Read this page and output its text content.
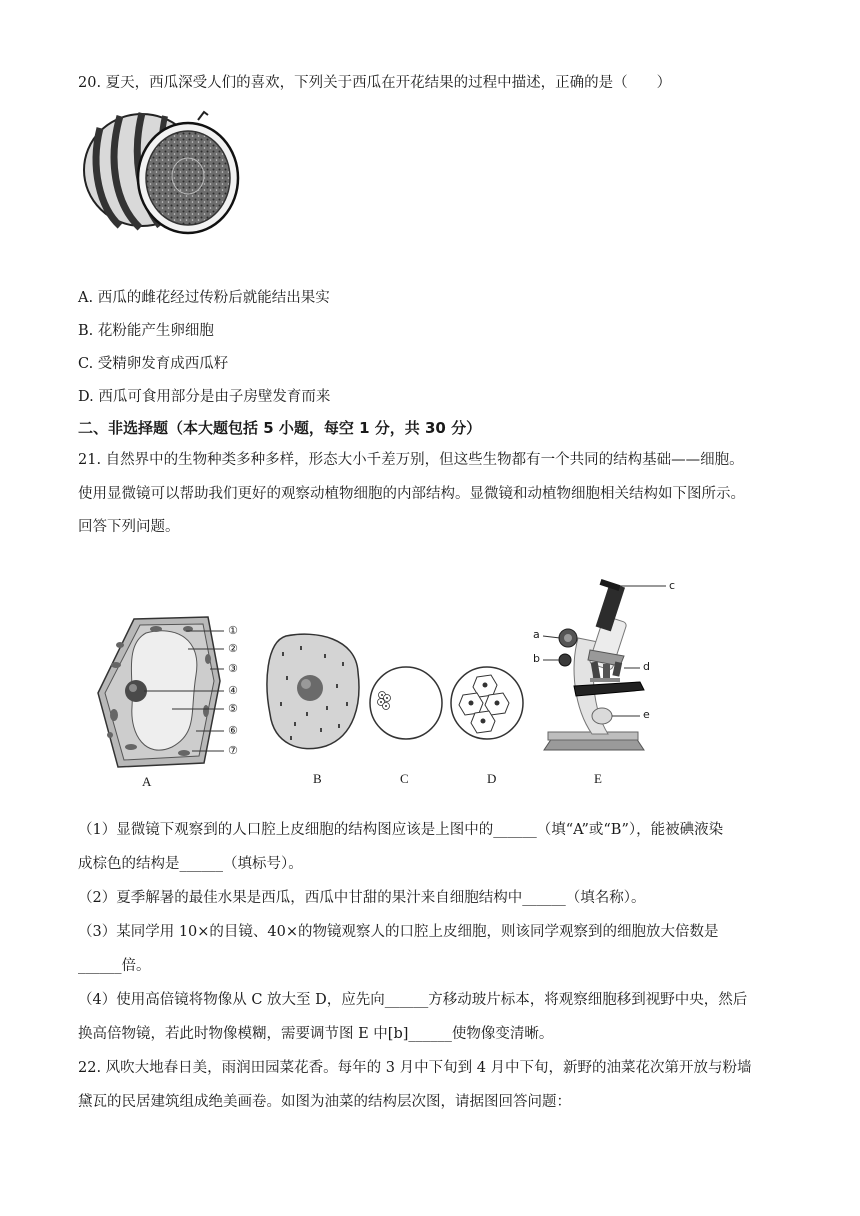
20. 夏天，西瓜深受人们的喜欢，下列关于西瓜在开花结果的过程中描述，正确的是（　　）
A. 西瓜的雌花经过传粉后就能结出果实
B. 花粉能产生卵细胞
C. 受精卵发育成西瓜籽
D. 西瓜可食用部分是由子房壁发育而来
二、非选择题（本大题包括 5 小题，每空 1 分，共 30 分）
21. 自然界中的生物种类多种多样，形态大小千差万别，但这些生物都有一个共同的结构基础——细胞。
使用显微镜可以帮助我们更好的观察动植物细胞的内部结构。显微镜和动植物细胞相关结构如下图所示。
回答下列问题。
①
②
③
④
⑤
⑥
⑦
c
a
b
d
e
A	B	C	D	E
（1）显微镜下观察到的人口腔上皮细胞的结构图应该是上图中的______（填“A”或“B”），能被碘液染
成棕色的结构是______（填标号）。
（2）夏季解暑的最佳水果是西瓜，西瓜中甘甜的果汁来自细胞结构中______（填名称）。
（3）某同学用 10×的目镜、40×的物镜观察人的口腔上皮细胞，则该同学观察到的细胞放大倍数是
______倍。
（4）使用高倍镜将物像从 C 放大至 D，应先向______方移动玻片标本，将观察细胞移到视野中央，然后
换高倍物镜，若此时物像模糊，需要调节图 E 中[b]______使物像变清晰。
22. 风吹大地春日美，雨润田园菜花香。每年的 3 月中下旬到 4 月中下旬，新野的油菜花次第开放与粉墙
黛瓦的民居建筑组成绝美画卷。如图为油菜的结构层次图，请据图回答问题：
